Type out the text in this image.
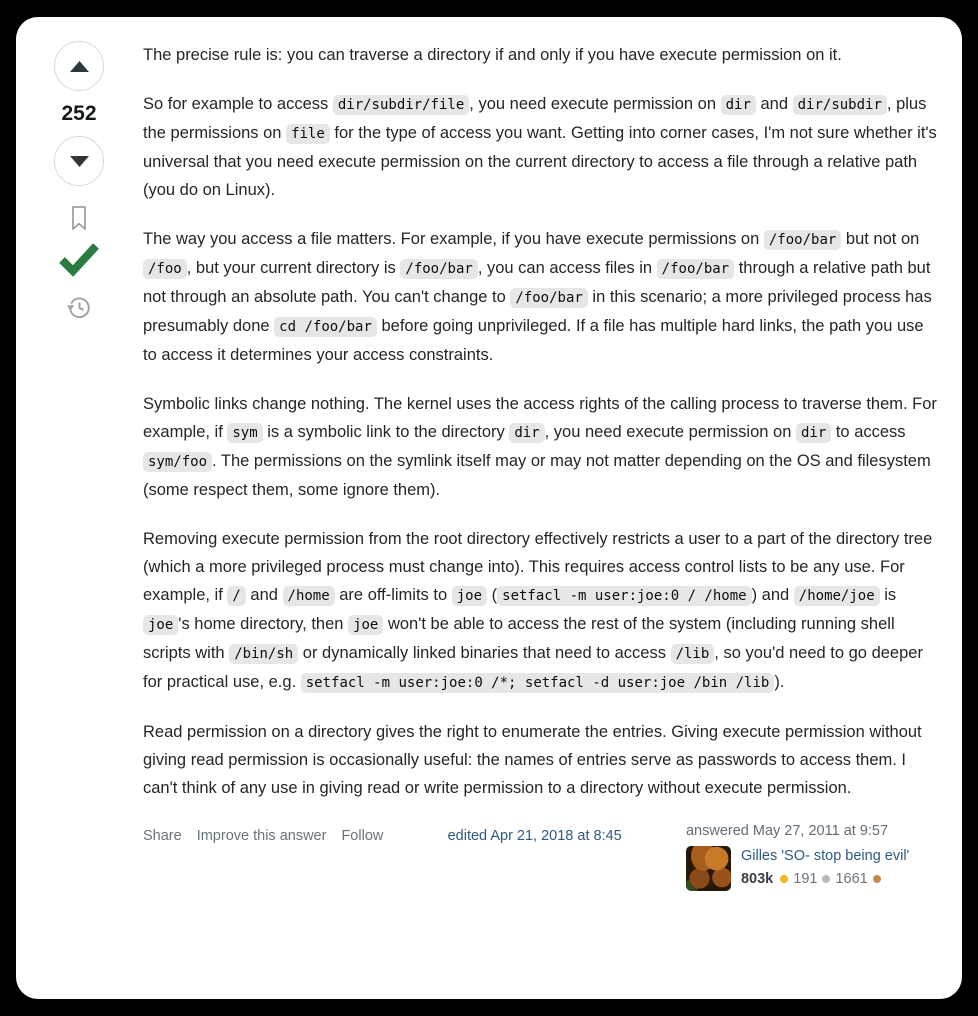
252

The precise rule is: you can traverse a directory if and only if you have execute permission on it.

So for example to access dir/subdir/file , you need execute permission on dir and dir/subdir , plus the permissions on file for the type of access you want. Getting into corner cases, I'm not sure whether it's universal that you need execute permission on the current directory to access a file through a relative path (you do on Linux).

The way you access a file matters. For example, if you have execute permissions on /foo/bar but not on /foo , but your current directory is /foo/bar , you can access files in /foo/bar through a relative path but not through an absolute path. You can't change to /foo/bar in this scenario; a more privileged process has presumably done cd /foo/bar before going unprivileged. If a file has multiple hard links, the path you use to access it determines your access constraints.

Symbolic links change nothing. The kernel uses the access rights of the calling process to traverse them. For example, if sym is a symbolic link to the directory dir , you need execute permission on dir to access sym/foo . The permissions on the symlink itself may or may not matter depending on the OS and filesystem (some respect them, some ignore them).

Removing execute permission from the root directory effectively restricts a user to a part of the directory tree (which a more privileged process must change into). This requires access control lists to be any use. For example, if / and /home are off-limits to joe ( setfacl -m user:joe:0 / /home ) and /home/joe is joe 's home directory, then joe won't be able to access the rest of the system (including running shell scripts with /bin/sh or dynamically linked binaries that need to access /lib , so you'd need to go deeper for practical use, e.g. setfacl -m user:joe:0 /*; setfacl -d user:joe /bin /lib ).

Read permission on a directory gives the right to enumerate the entries. Giving execute permission without giving read permission is occasionally useful: the names of entries serve as passwords to access them. I can't think of any use in giving read or write permission to a directory without execute permission.

Share Improve this answer Follow	edited Apr 21, 2018 at 8:45	answered May 27, 2011 at 9:57
Gilles 'SO- stop being evil'
803k 191 1661
